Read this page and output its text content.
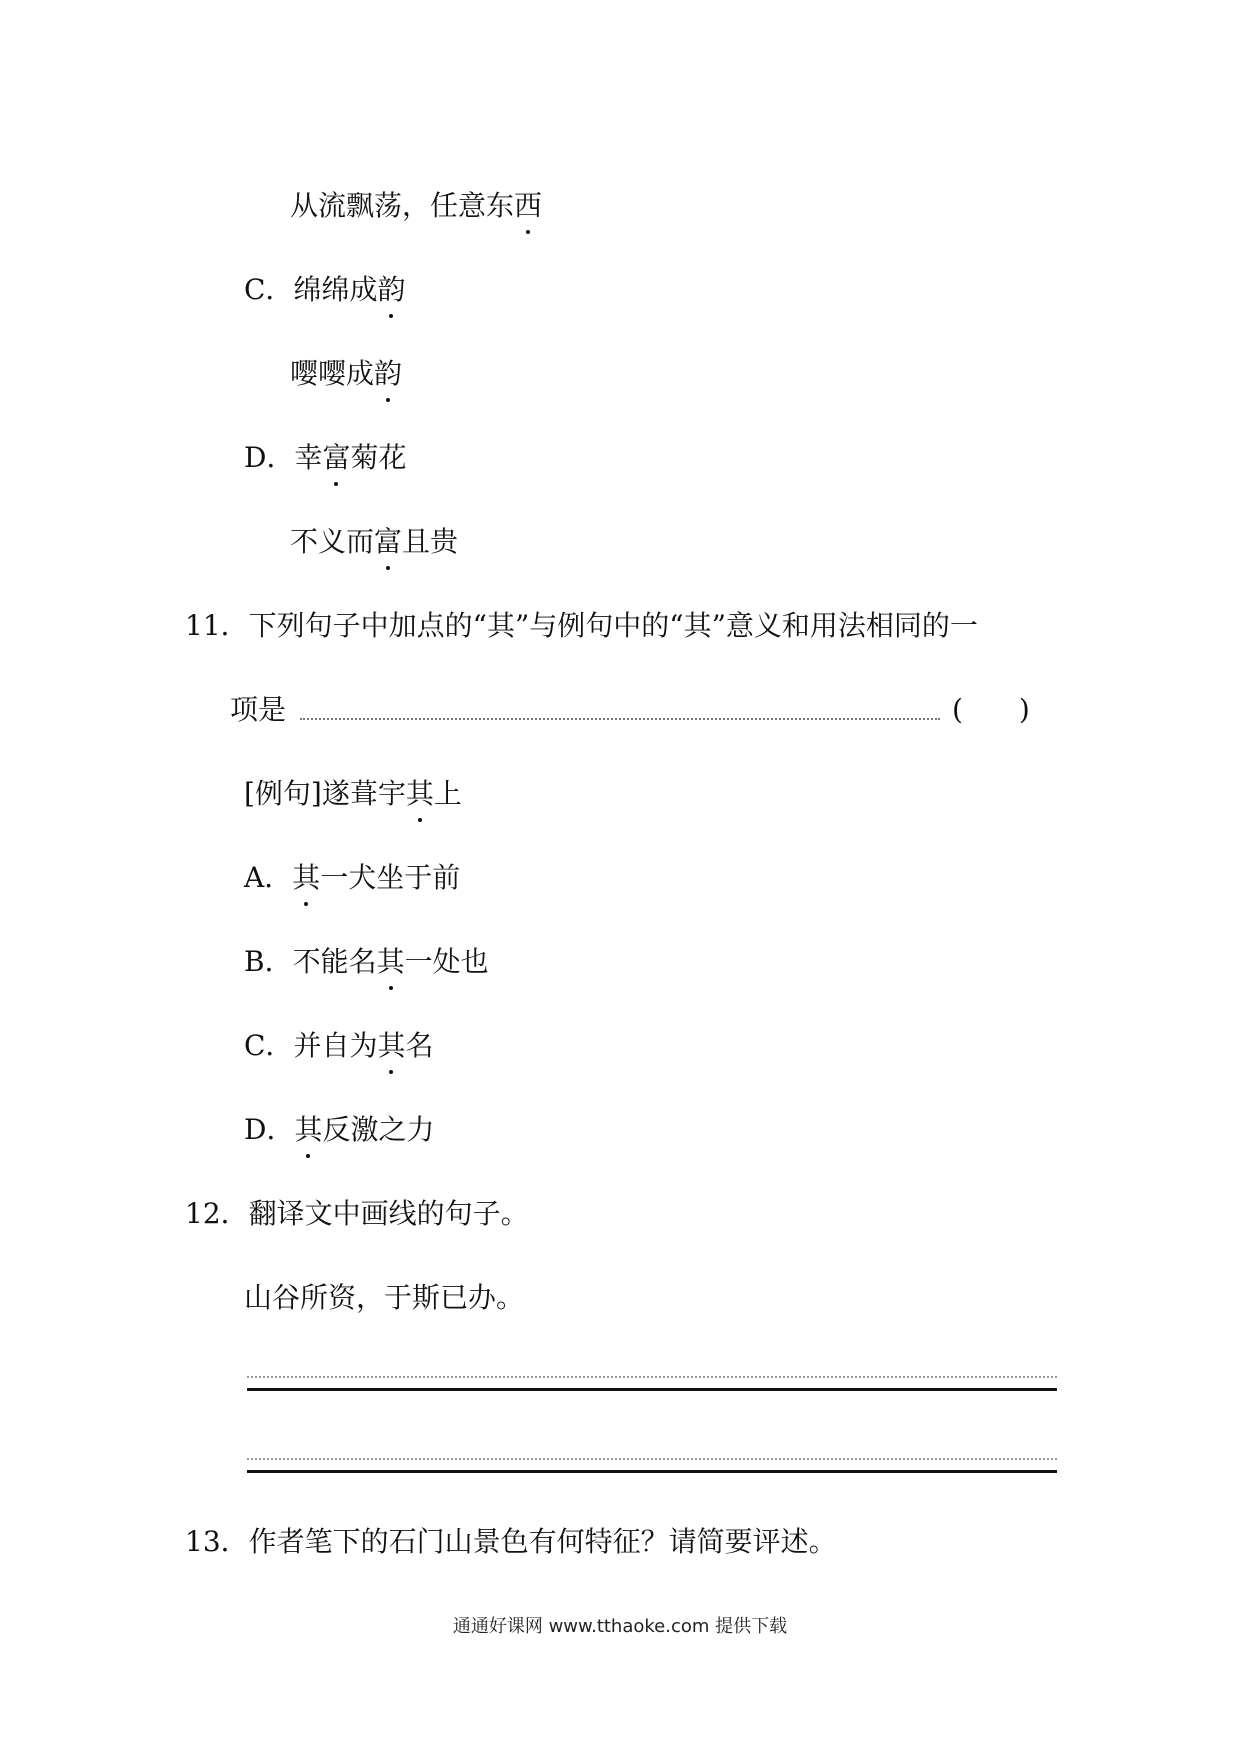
从流飘荡，任意东西
C．绵绵成韵
嘤嘤成韵
D．幸富菊花
不义而富且贵
11．下列句子中加点的“其”与例句中的“其”意义和用法相同的一
项是	(　　)
[例句]遂葺宇其上
A．其一犬坐于前
B．不能名其一处也
C．并自为其名
D．其反激之力
12．翻译文中画线的句子。
山谷所资，于斯已办。
13．作者笔下的石门山景色有何特征？请简要评述。
通通好课网 www.tthaoke.com 提供下载
